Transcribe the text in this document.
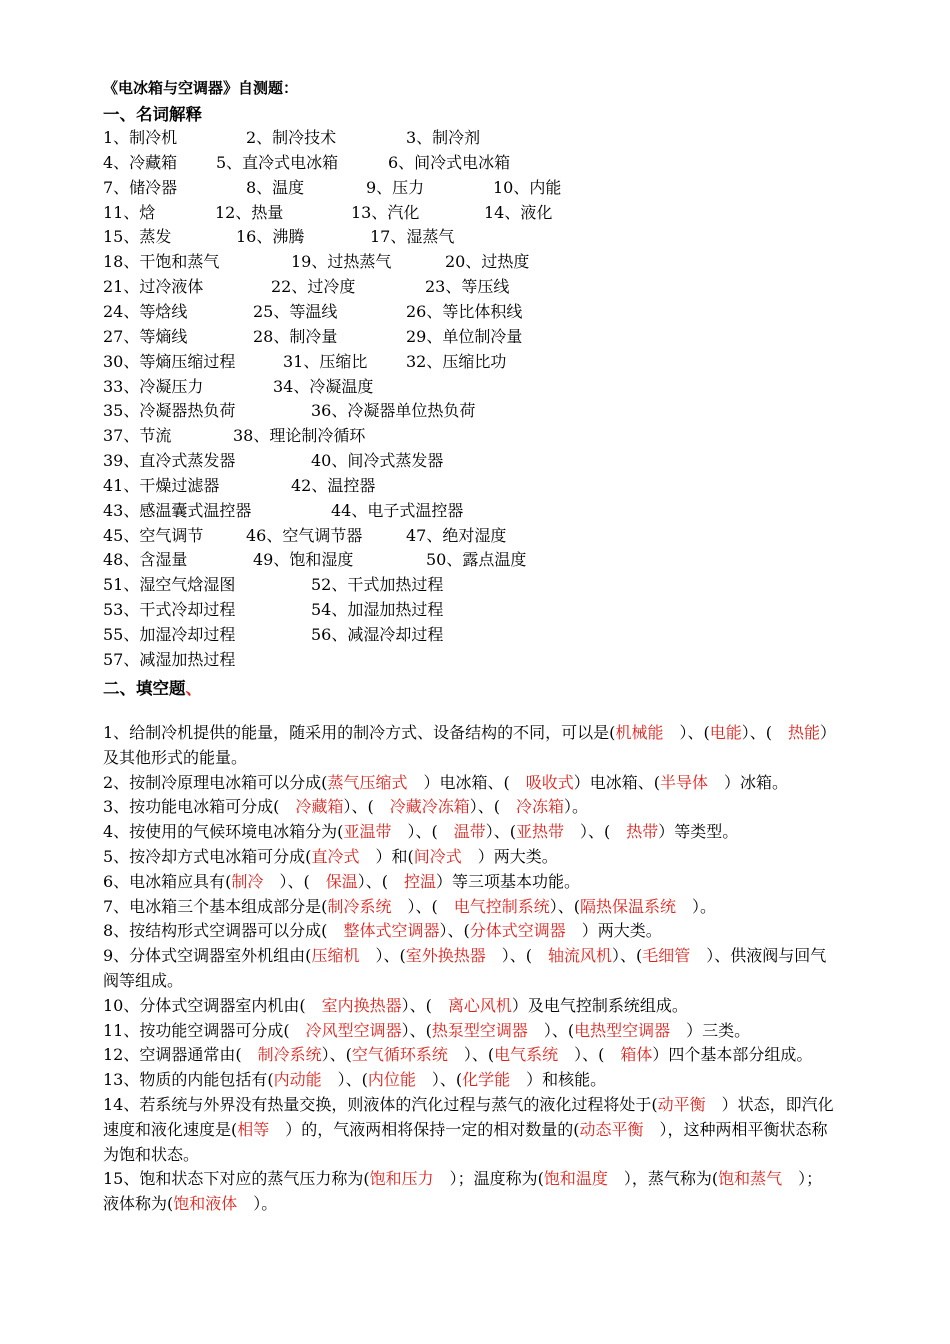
《电冰箱与空调器》自测题：
一、名词解释
1、制冷机	2、制冷技术	3、制冷剂
4、冷藏箱 5、直冷式电冰箱	6、间冷式电冰箱
7、储冷器	8、温度	9、压力	10、内能
11、焓	12、热量	13、汽化	14、液化
15、蒸发	16、沸腾	17、湿蒸气
18、干饱和蒸气	19、过热蒸气	20、过热度
21、过冷液体	22、过冷度	23、等压线
24、等焓线	25、等温线	26、等比体积线
27、等熵线	28、制冷量	29、单位制冷量
30、等熵压缩过程	31、压缩比 32、压缩比功
33、冷凝压力	34、冷凝温度
35、冷凝器热负荷	36、冷凝器单位热负荷
37、节流	38、理论制冷循环
39、直冷式蒸发器	40、间冷式蒸发器
41、干燥过滤器	42、温控器
43、感温囊式温控器	44、电子式温控器
45、空气调节	46、空气调节器	47、绝对湿度
48、含湿量	49、饱和湿度	50、露点温度
51、湿空气焓湿图	52、干式加热过程
53、干式冷却过程	54、加湿加热过程
55、加湿冷却过程	56、减湿冷却过程
57、减湿加热过程
二、填空题、

1、给制冷机提供的能量，随采用的制冷方式、设备结构的不同，可以是(机械能　）、(电能）、(　热能）及其他形式的能量。

2、按制冷原理电冰箱可以分成(蒸气压缩式　）电冰箱、(　吸收式）电冰箱、(半导体　）冰箱。

3、按功能电冰箱可分成(　冷藏箱）、(　冷藏冷冻箱）、(　冷冻箱）。

4、按使用的气候环境电冰箱分为(亚温带　）、(　温带）、(亚热带　）、(　热带）等类型。

5、按冷却方式电冰箱可分成(直冷式　）和(间冷式　）两大类。

6、电冰箱应具有(制冷　）、(　保温）、(　控温）等三项基本功能。

7、电冰箱三个基本组成部分是(制冷系统　）、(　电气控制系统）、(隔热保温系统　）。

8、按结构形式空调器可以分成(　整体式空调器）、(分体式空调器　）两大类。

9、分体式空调器室外机组由(压缩机　）、(室外换热器　）、(　轴流风机）、(毛细管　）、供液阀与回气阀等组成。

10、分体式空调器室内机由(　室内换热器）、(　离心风机）及电气控制系统组成。

11、按功能空调器可分成(　冷风型空调器）、(热泵型空调器　）、(电热型空调器　）三类。

12、空调器通常由(　制冷系统）、(空气循环系统　）、(电气系统　）、(　箱体）四个基本部分组成。

13、物质的内能包括有(内动能　）、(内位能　）、(化学能　）和核能。

14、若系统与外界没有热量交换，则液体的汽化过程与蒸气的液化过程将处于(动平衡　）状态，即汽化速度和液化速度是(相等　）的，气液两相将保持一定的相对数量的(动态平衡　），这种两相平衡状态称为饱和状态。

15、饱和状态下对应的蒸气压力称为(饱和压力　）；温度称为(饱和温度　），蒸气称为(饱和蒸气　）；液体称为(饱和液体　）。
